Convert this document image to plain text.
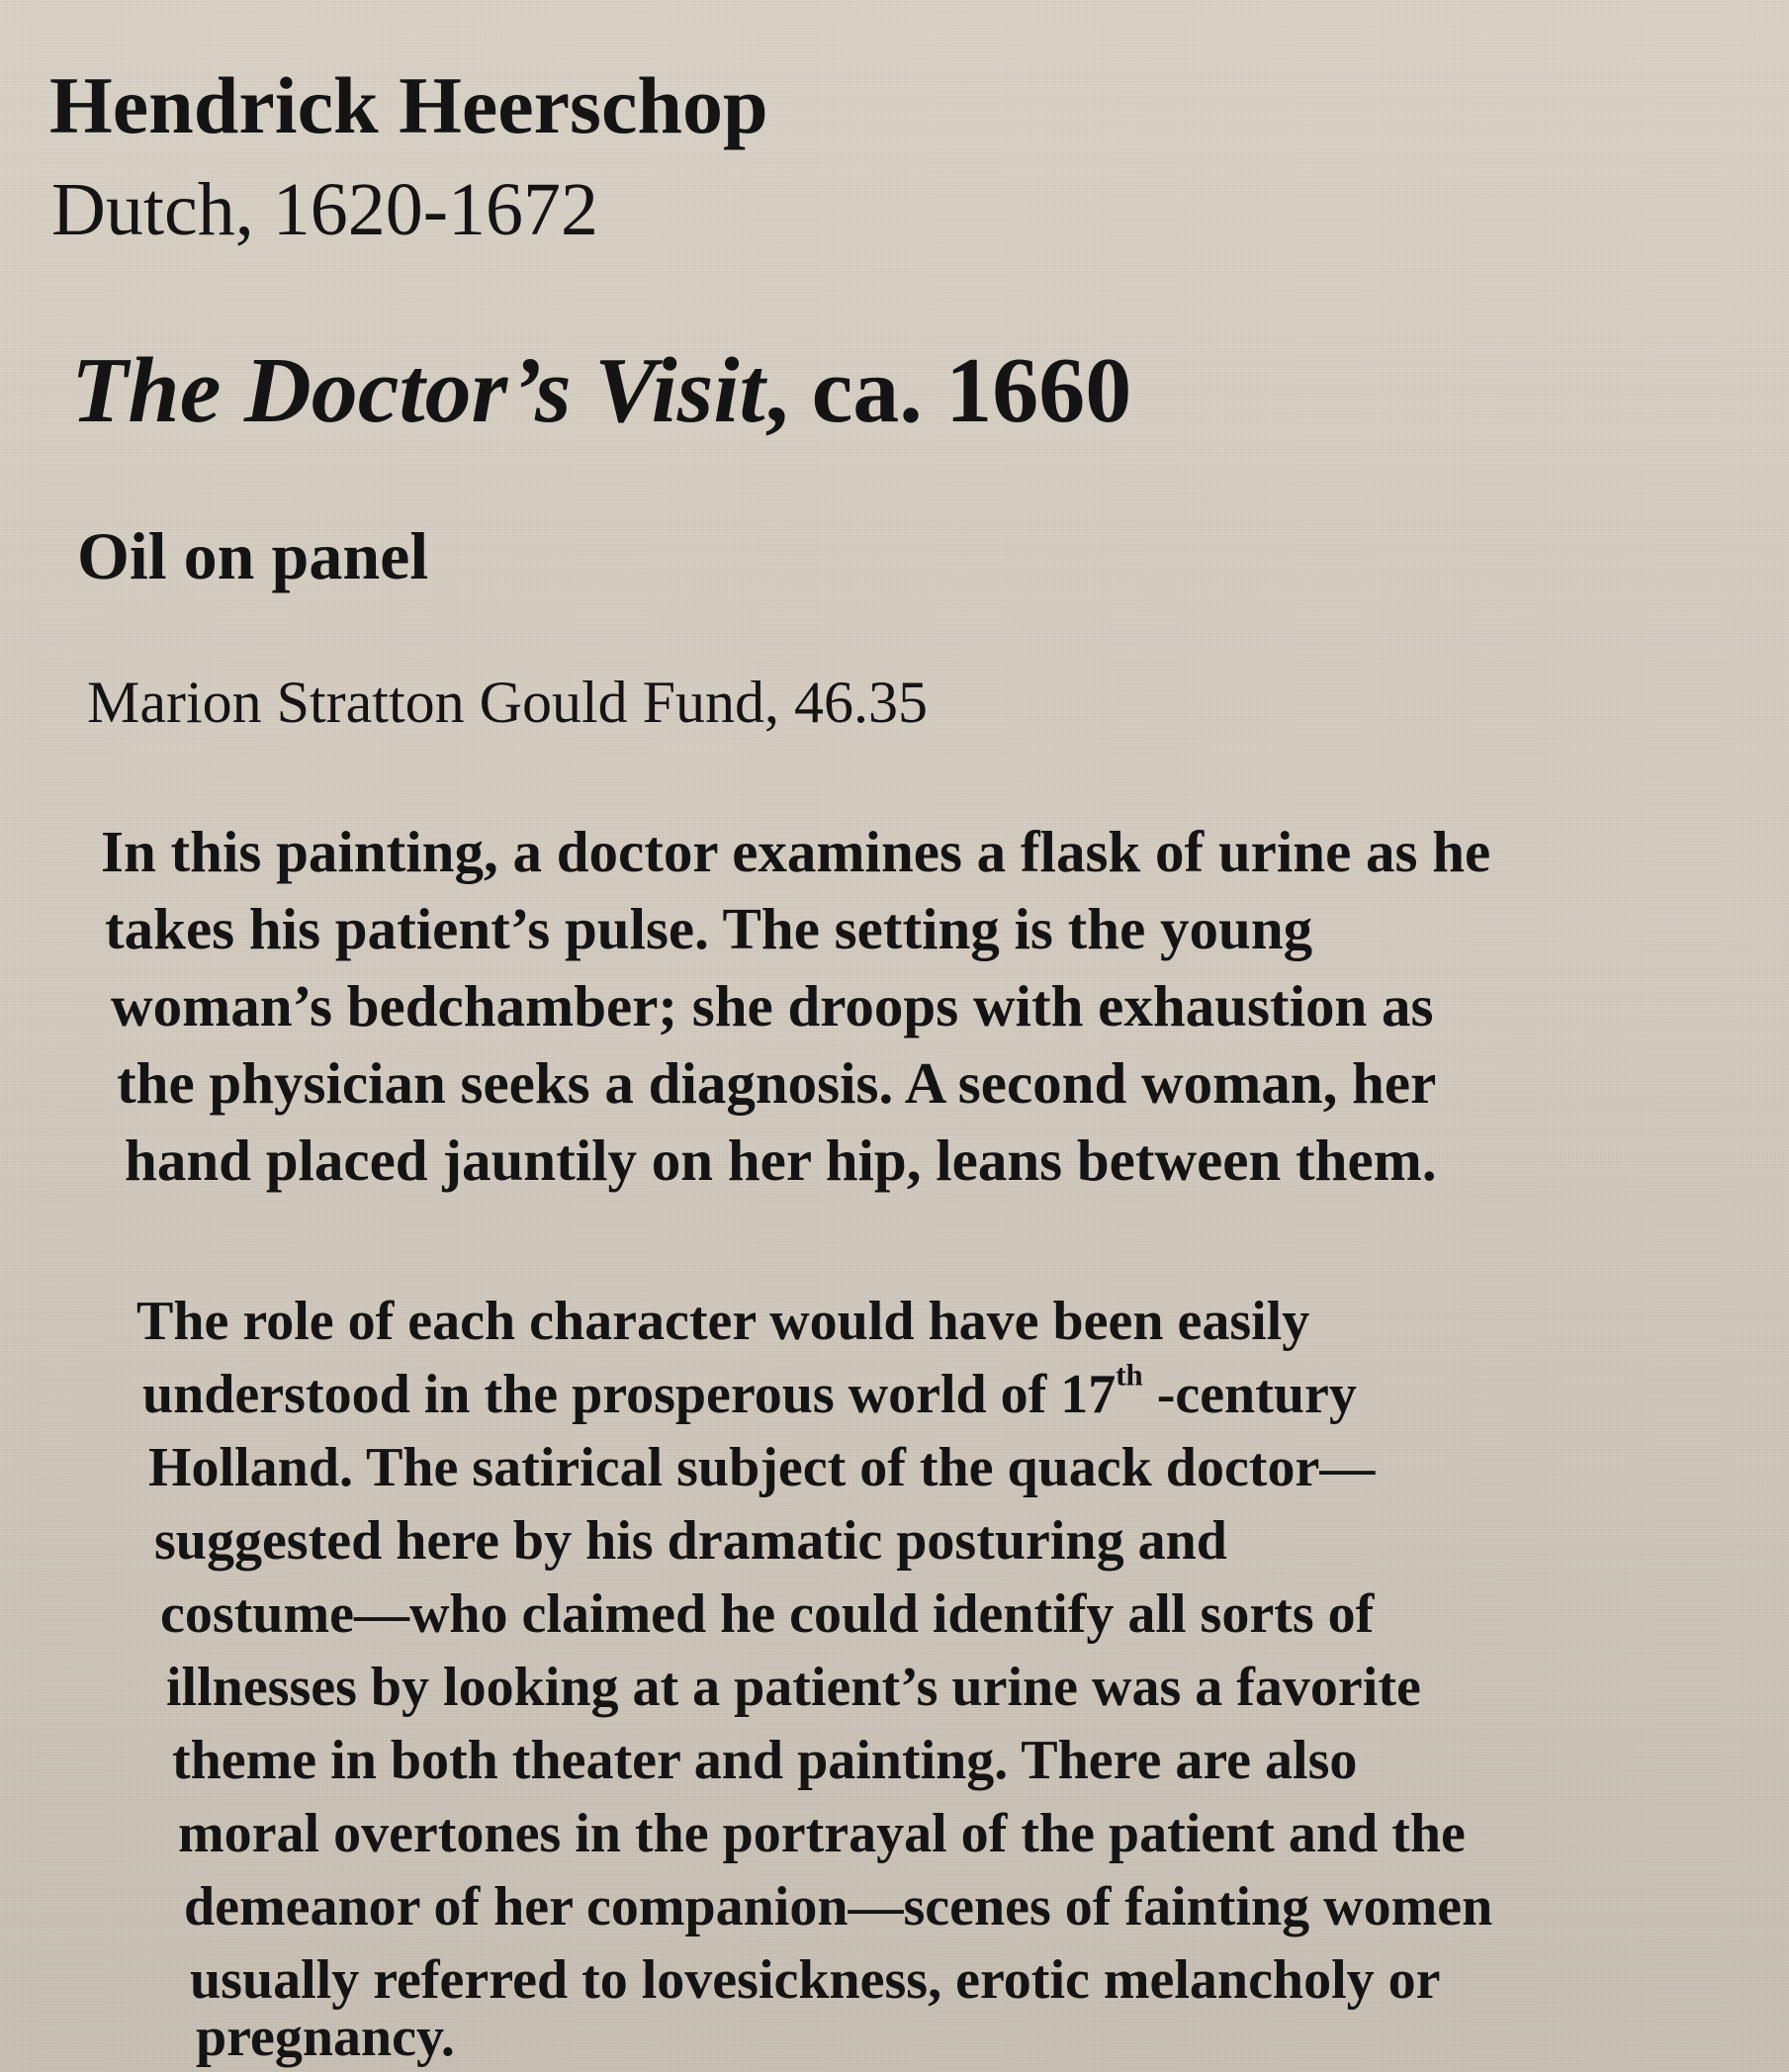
Hendrick Heerschop
Dutch, 1620-1672
The Doctor’s Visit, ca. 1660
Oil on panel
Marion Stratton Gould Fund, 46.35
In this painting, a doctor examines a flask of urine as he
takes his patient’s pulse. The setting is the young
woman’s bedchamber; she droops with exhaustion as
the physician seeks a diagnosis. A second woman, her
hand placed jauntily on her hip, leans between them.
The role of each character would have been easily
understood in the prosperous world of 17th -century
Holland. The satirical subject of the quack doctor—
suggested here by his dramatic posturing and
costume—who claimed he could identify all sorts of
illnesses by looking at a patient’s urine was a favorite
theme in both theater and painting. There are also
moral overtones in the portrayal of the patient and the
demeanor of her companion—scenes of fainting women
usually referred to lovesickness, erotic melancholy or
pregnancy.
